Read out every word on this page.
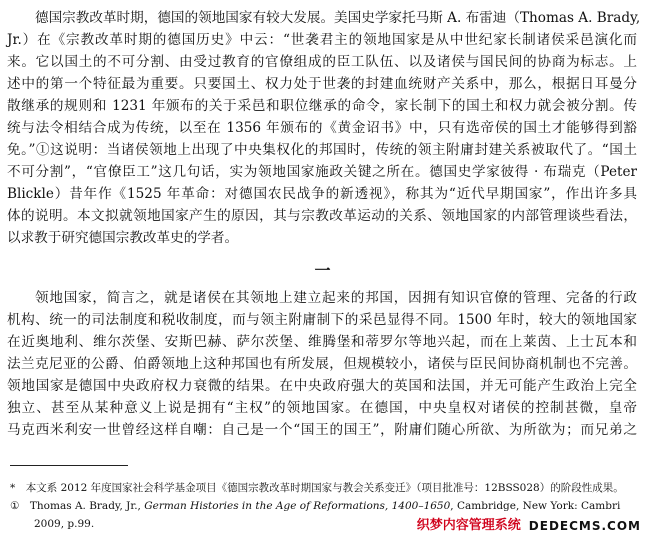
德国宗教改革时期，德国的领地国家有较大发展。美国史学家托马斯 A. 布雷迪（Thomas A. Brady,
Jr.）在《宗教改革时期的德国历史》中云：“世袭君主的领地国家是从中世纪家长制诸侯采邑演化而
来。它以国土的不可分割、由受过教育的官僚组成的臣工队伍、以及诸侯与国民间的协商为标志。上
述中的第一个特征最为重要。只要国土、权力处于世袭的封建血统财产关系中，那么，根据日耳曼分
散继承的规则和 1231 年颁布的关于采邑和职位继承的命令，家长制下的国土和权力就会被分割。传
统与法令相结合成为传统，以至在 1356 年颁布的《黄金诏书》中，只有选帝侯的国土才能够得到豁
免。”①这说明：当诸侯领地上出现了中央集权化的邦国时，传统的领主附庸封建关系被取代了。“国土
不可分割”，“官僚臣工”这几句话，实为领地国家施政关键之所在。德国史学家彼得 · 布瑞克（Peter
Blickle）昔年作《1525 年革命：对德国农民战争的新透视》，称其为“近代早期国家”，作出许多具
体的说明。本文拟就领地国家产生的原因，其与宗教改革运动的关系、领地国家的内部管理谈些看法，
以求教于研究德国宗教改革史的学者。
一
领地国家，简言之，就是诸侯在其领地上建立起来的邦国，因拥有知识官僚的管理、完备的行政
机构、统一的司法制度和税收制度，而与领主附庸制下的采邑显得不同。1500 年时，较大的领地国家
在近奥地利、维尔茨堡、安斯巴赫、萨尔茨堡、维腾堡和蒂罗尔等地兴起，而在上莱茵、上士瓦本和
法兰克尼亚的公爵、伯爵领地上这种邦国也有所发展，但规模较小，诸侯与臣民间协商机制也不完善。
领地国家是德国中央政府权力衰微的结果。在中央政府强大的英国和法国，并无可能产生政治上完全
独立、甚至从某种意义上说是拥有“主权”的领地国家。在德国，中央皇权对诸侯的控制甚微，皇帝
马克西米利安一世曾经这样自嘲：自己是一个“国王的国王”，附庸们随心所欲、为所欲为；而兄弟之
*　本文系 2012 年度国家社会科学基金项目《德国宗教改革时期国家与教会关系变迁》（项目批准号：12BSS028）的阶段性成果。
①　Thomas A. Brady, Jr., German Histories in the Age of Reformations, 1400–1650, Cambridge, New York: Cambri
2009, p.99.	织梦内容管理系统 DEDECMS.COM
